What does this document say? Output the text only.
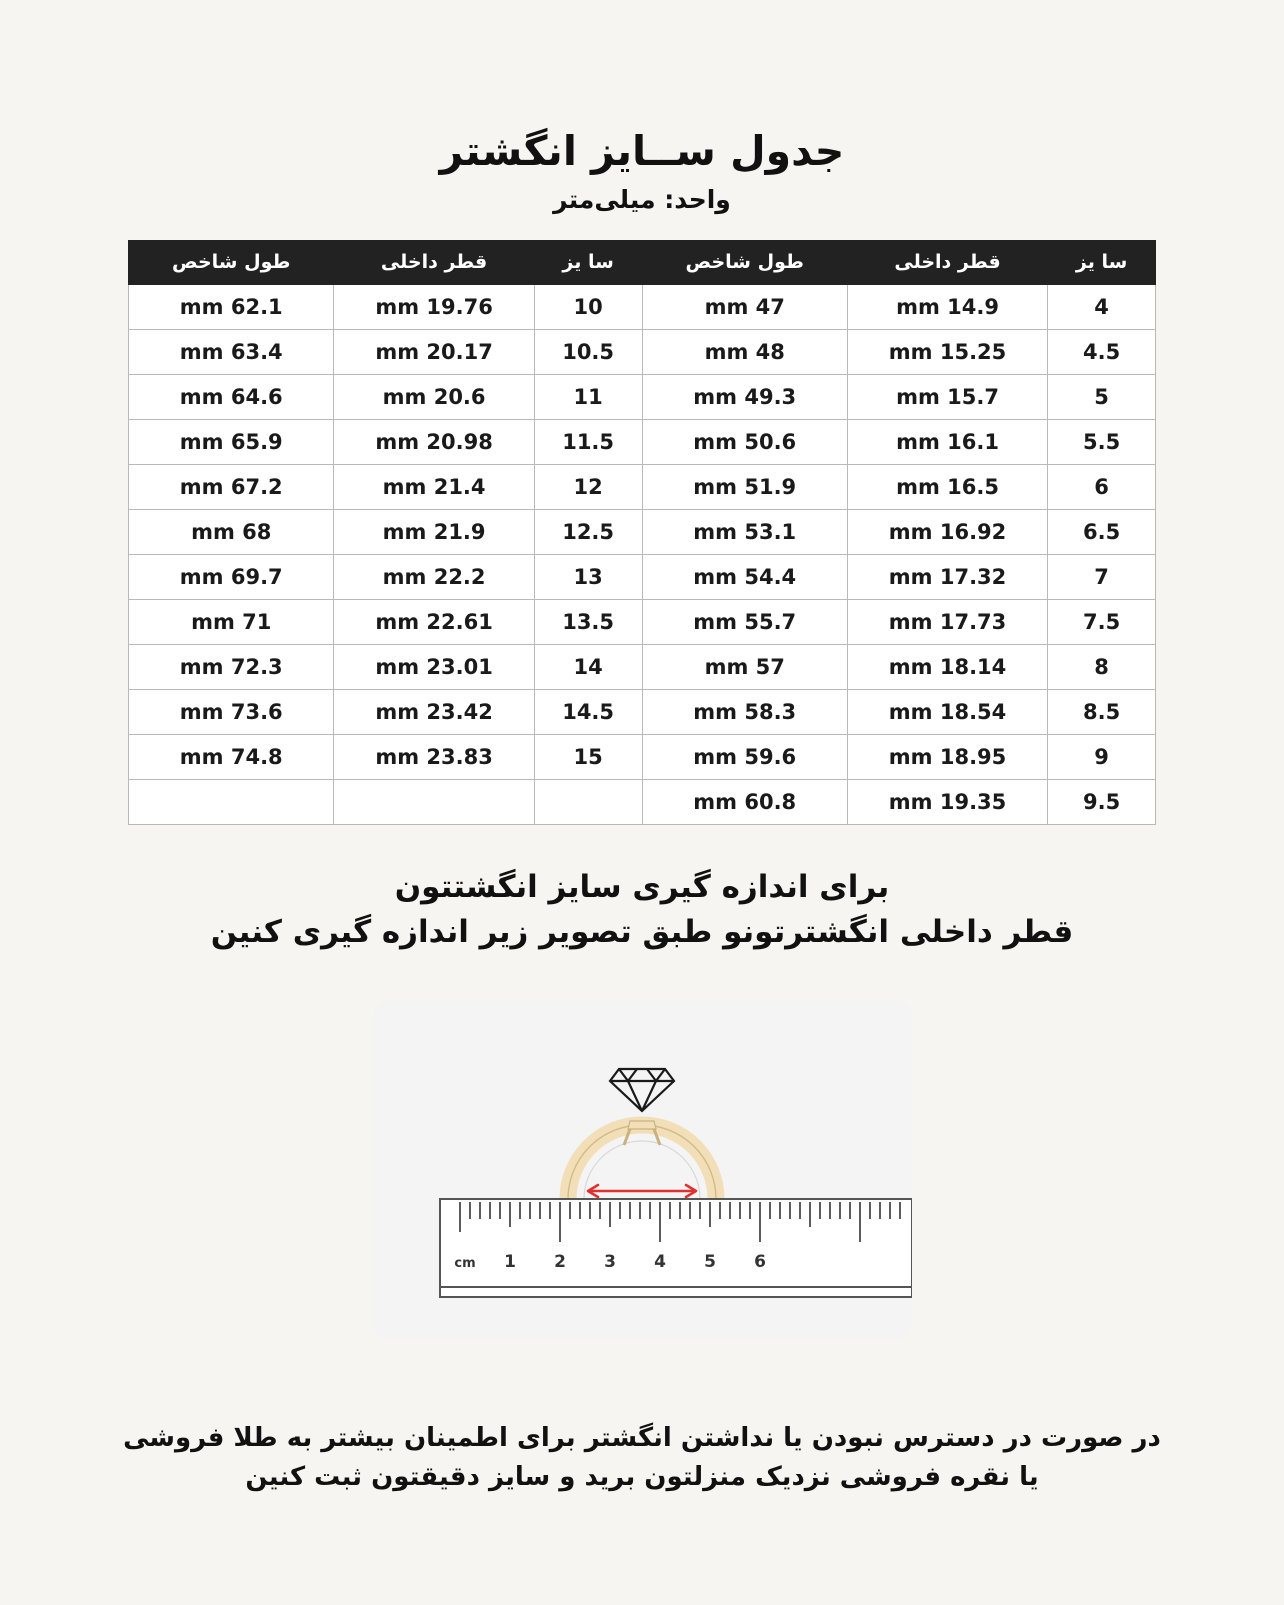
جدول ســایز انگشتر
واحد: میلی‌متر
سا یز	قطر داخلی	طول شاخص	سا یز	قطر داخلی	طول شاخص
4	14.9 mm	47 mm	10	19.76 mm	62.1 mm
4.5	15.25 mm	48 mm	10.5	20.17 mm	63.4 mm
5	15.7 mm	49.3 mm	11	20.6 mm	64.6 mm
5.5	16.1 mm	50.6 mm	11.5	20.98 mm	65.9 mm
6	16.5 mm	51.9 mm	12	21.4 mm	67.2 mm
6.5	16.92 mm	53.1 mm	12.5	21.9 mm	68 mm
7	17.32 mm	54.4 mm	13	22.2 mm	69.7 mm
7.5	17.73 mm	55.7 mm	13.5	22.61 mm	71 mm
8	18.14 mm	57 mm	14	23.01 mm	72.3 mm
8.5	18.54 mm	58.3 mm	14.5	23.42 mm	73.6 mm
9	18.95 mm	59.6 mm	15	23.83 mm	74.8 mm
9.5	19.35 mm	60.8 mm			
برای اندازه گیری سایز انگشتتون
قطر داخلی انگشترتونو طبق تصویر زیر اندازه گیری کنین
cm 1 2 3 4 5 6
در صورت در دسترس نبودن یا نداشتن انگشتر برای اطمینان بیشتر به طلا فروشی
یا نقره فروشی نزدیک منزلتون برید و سایز دقیقتون ثبت کنین
